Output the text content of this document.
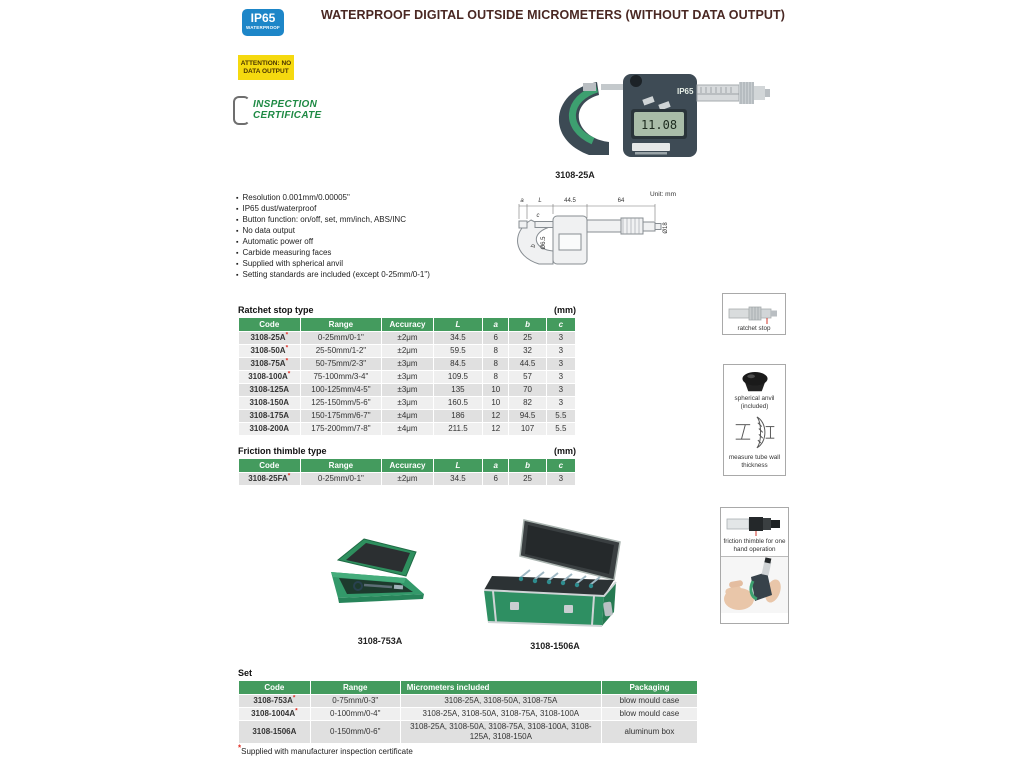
WATERPROOF DIGITAL OUTSIDE MICROMETERS (WITHOUT DATA OUTPUT)
IP65
WATERPROOF
ATTENTION: NO
DATA OUTPUT
INSPECTION
CERTIFICATE
IP65
11.08
3108-25A
▪ Resolution 0.001mm/0.00005"
▪ IP65 dust/waterproof
▪ Button function: on/off, set, mm/inch, ABS/INC
▪ No data output
▪ Automatic power off
▪ Carbide measuring faces
▪ Supplied with spherical anvil
▪ Setting standards are included (except 0-25mm/0-1")
a L	44.5	64
c
b Ø6.5
Ø18
Unit: mm
Ratchet stop type	(mm)
Code	Range	Accuracy	L	a	b	c
3108-25A*	0-25mm/0-1"	±2μm	34.5	6	25	3
3108-50A*	25-50mm/1-2"	±2μm	59.5	8	32	3
3108-75A*	50-75mm/2-3"	±3μm	84.5	8	44.5	3
3108-100A*	75-100mm/3-4"	±3μm	109.5	8	57	3
3108-125A	100-125mm/4-5"	±3μm	135	10	70	3
3108-150A	125-150mm/5-6"	±3μm	160.5	10	82	3
3108-175A	150-175mm/6-7"	±4μm	186	12	94.5	5.5
3108-200A	175-200mm/7-8"	±4μm	211.5	12	107	5.5
Friction thimble type	(mm)
Code	Range	Accuracy	L	a	b	c
3108-25FA*	0-25mm/0-1"	±2μm	34.5	6	25	3
3108-753A	3108-1506A
Set
Code	Range	Micrometers included	Packaging
3108-753A*	0-75mm/0-3"	3108-25A, 3108-50A, 3108-75A	blow mould case
3108-1004A*	0-100mm/0-4"	3108-25A, 3108-50A, 3108-75A, 3108-100A	blow mould case
3108-1506A	0-150mm/0-6"	3108-25A, 3108-50A, 3108-75A, 3108-100A, 3108-125A, 3108-150A	aluminum box
*Supplied with manufacturer inspection certificate
ratchet stop
spherical anvil (included)
measure tube wall thickness
friction thimble for one hand operation
